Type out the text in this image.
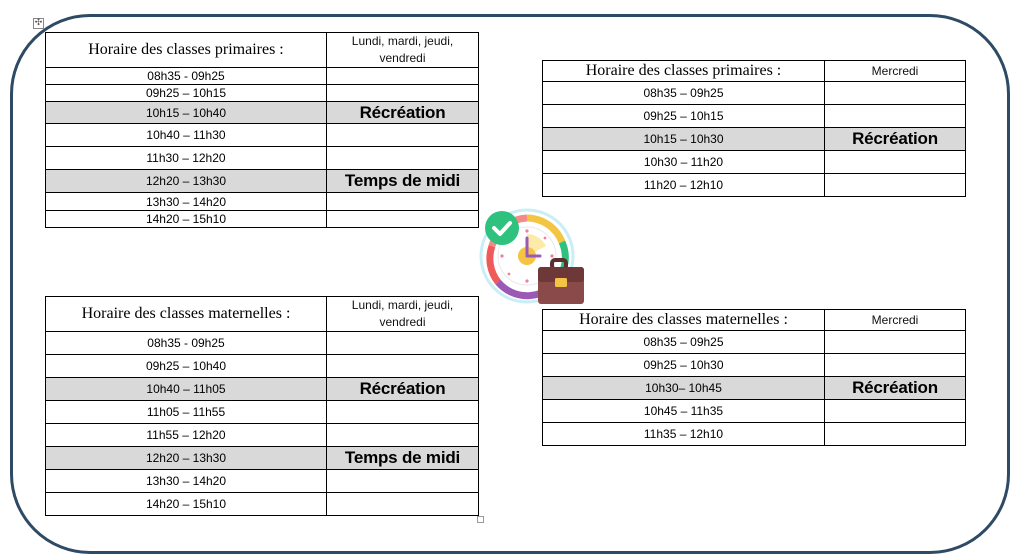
✣
Horaire des classes primaires :	Lundi, mardi, jeudi,
vendredi

08h35 - 09h25	
09h25 – 10h15	
10h15 – 10h40	Récréation
10h40 – 11h30	
11h30 – 12h20	
12h20 – 13h30	Temps de midi
13h30 – 14h20	
14h20 – 15h10	
Horaire des classes primaires :	Mercredi
08h35 – 09h25	
09h25 – 10h15	
10h15 – 10h30	Récréation
10h30 – 11h20	
11h20 – 12h10	
Horaire des classes maternelles :	Lundi, mardi, jeudi,
vendredi

08h35 - 09h25	
09h25 – 10h40	
10h40 – 11h05	Récréation
11h05 – 11h55	
11h55 – 12h20	
12h20 – 13h30	Temps de midi
13h30 – 14h20	
14h20 – 15h10	
Horaire des classes maternelles :	Mercredi
08h35 – 09h25	
09h25 – 10h30	
10h30– 10h45	Récréation
10h45 – 11h35	
11h35 – 12h10	
